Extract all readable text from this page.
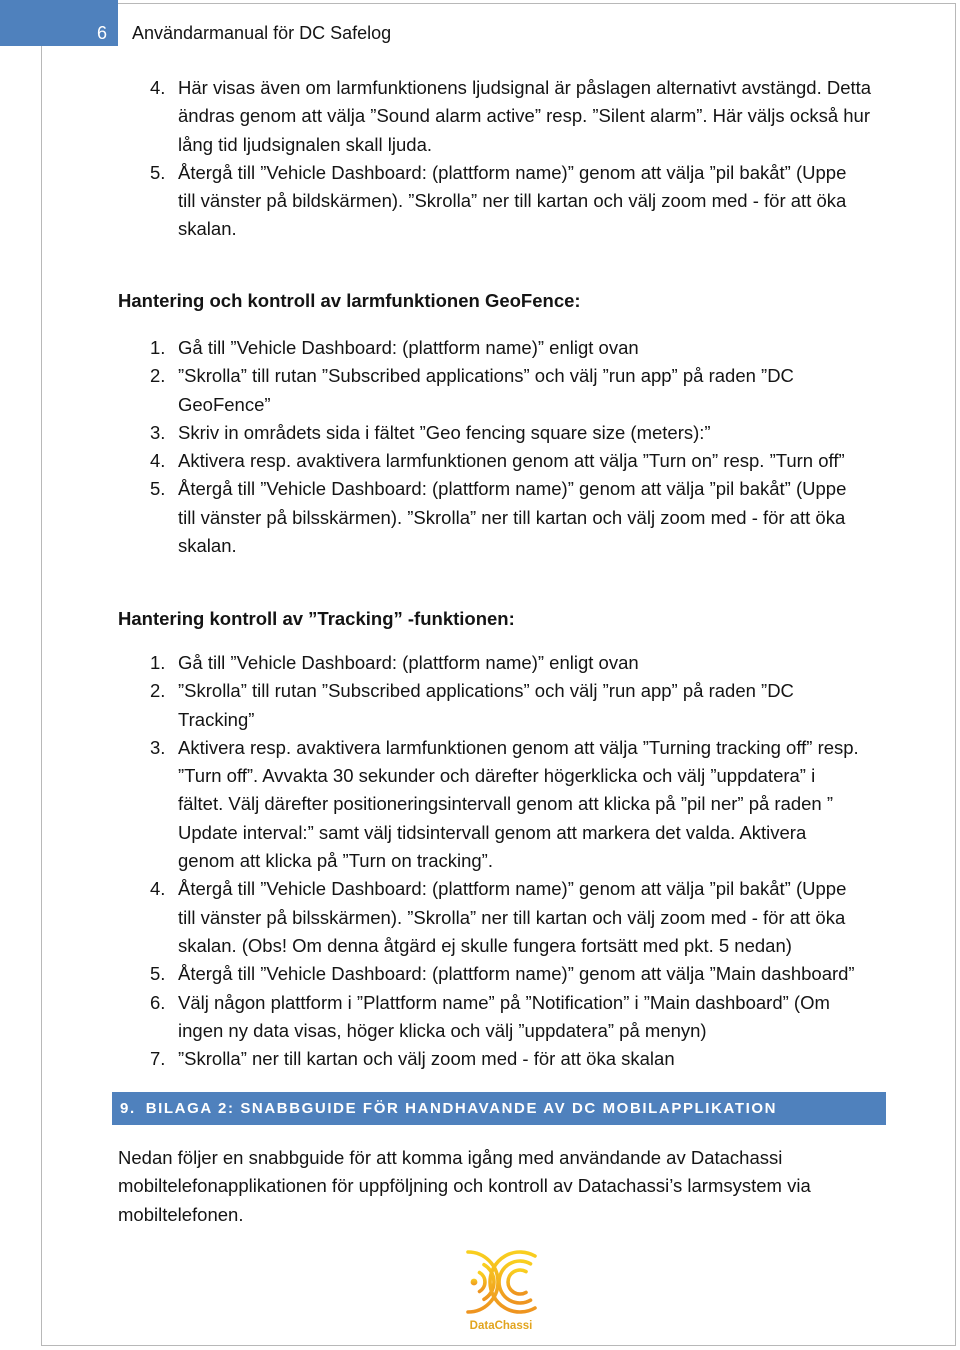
6 Användarmanual för DC Safelog
4. Här visas även om larmfunktionens ljudsignal är påslagen alternativt avstängd. Detta
ändras genom att välja ”Sound alarm active” resp. ”Silent alarm”. Här väljs också hur
lång tid ljudsignalen skall ljuda.
5. Återgå till ”Vehicle Dashboard: (plattform name)” genom att välja ”pil bakåt” (Uppe
till vänster på bildskärmen). ”Skrolla” ner till kartan och välj zoom med - för att öka
skalan.
Hantering och kontroll av larmfunktionen GeoFence:
1. Gå till ”Vehicle Dashboard: (plattform name)” enligt ovan
2. ”Skrolla” till rutan ”Subscribed applications” och välj ”run app” på raden ”DC
GeoFence”
3. Skriv in områdets sida i fältet ”Geo fencing square size (meters):”
4. Aktivera resp. avaktivera larmfunktionen genom att välja ”Turn on” resp. ”Turn off”
5. Återgå till ”Vehicle Dashboard: (plattform name)” genom att välja ”pil bakåt” (Uppe
till vänster på bilsskärmen). ”Skrolla” ner till kartan och välj zoom med - för att öka
skalan.
Hantering kontroll av ”Tracking” -funktionen:
1. Gå till ”Vehicle Dashboard: (plattform name)” enligt ovan
2. ”Skrolla” till rutan ”Subscribed applications” och välj ”run app” på raden ”DC
Tracking”
3. Aktivera resp. avaktivera larmfunktionen genom att välja ”Turning tracking off” resp.
”Turn off”. Avvakta 30 sekunder och därefter högerklicka och välj ”uppdatera” i
fältet. Välj därefter positioneringsintervall genom att klicka på ”pil ner” på raden ”
Update interval:” samt välj tidsintervall genom att markera det valda. Aktivera
genom att klicka på ”Turn on tracking”.
4. Återgå till ”Vehicle Dashboard: (plattform name)” genom att välja ”pil bakåt” (Uppe
till vänster på bilsskärmen). ”Skrolla” ner till kartan och välj zoom med - för att öka
skalan. (Obs! Om denna åtgärd ej skulle fungera fortsätt med pkt. 5 nedan)
5. Återgå till ”Vehicle Dashboard: (plattform name)” genom att välja ”Main dashboard”
6. Välj någon plattform i ”Plattform name” på ”Notification” i ”Main dashboard” (Om
ingen ny data visas, höger klicka och välj ”uppdatera” på menyn)
7. ”Skrolla” ner till kartan och välj zoom med - för att öka skalan
9. BILAGA 2: SNABBGUIDE FÖR HANDHAVANDE AV DC MOBILAPPLIKATION
Nedan följer en snabbguide för att komma igång med användande av Datachassi
mobiltelefonapplikationen för uppföljning och kontroll av Datachassi’s larmsystem via
mobiltelefonen.
DataChassi
